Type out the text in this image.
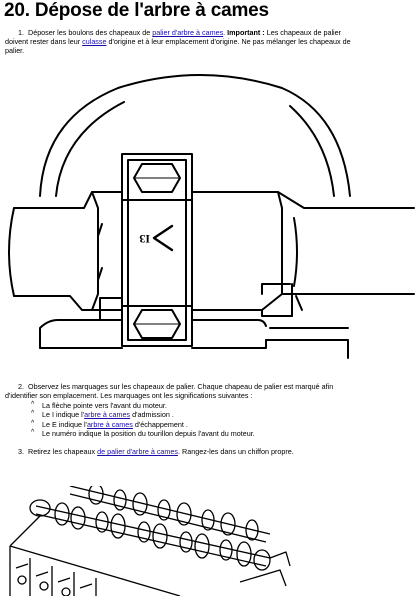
20. Dépose de l'arbre à cames
1. Déposer les boulons des chapeaux de palier d'arbre à cames. Important : Les chapeaux de palier
doivent rester dans leur culasse d'origine et à leur emplacement d'origine. Ne pas mélanger les chapeaux de
palier.
I3
2. Observez les marquages sur les chapeaux de palier. Chaque chapeau de palier est marqué afin
d'identifier son emplacement. Les marquages ont les significations suivantes :
^ La flèche pointe vers l'avant du moteur.
^ Le I indique l'arbre à cames d'admission .
^ Le E indique l'arbre à cames d'échappement .
^ Le numéro indique la position du tourillon depuis l'avant du moteur.
3. Retirez les chapeaux de palier d'arbre à cames. Rangez-les dans un chiffon propre.
